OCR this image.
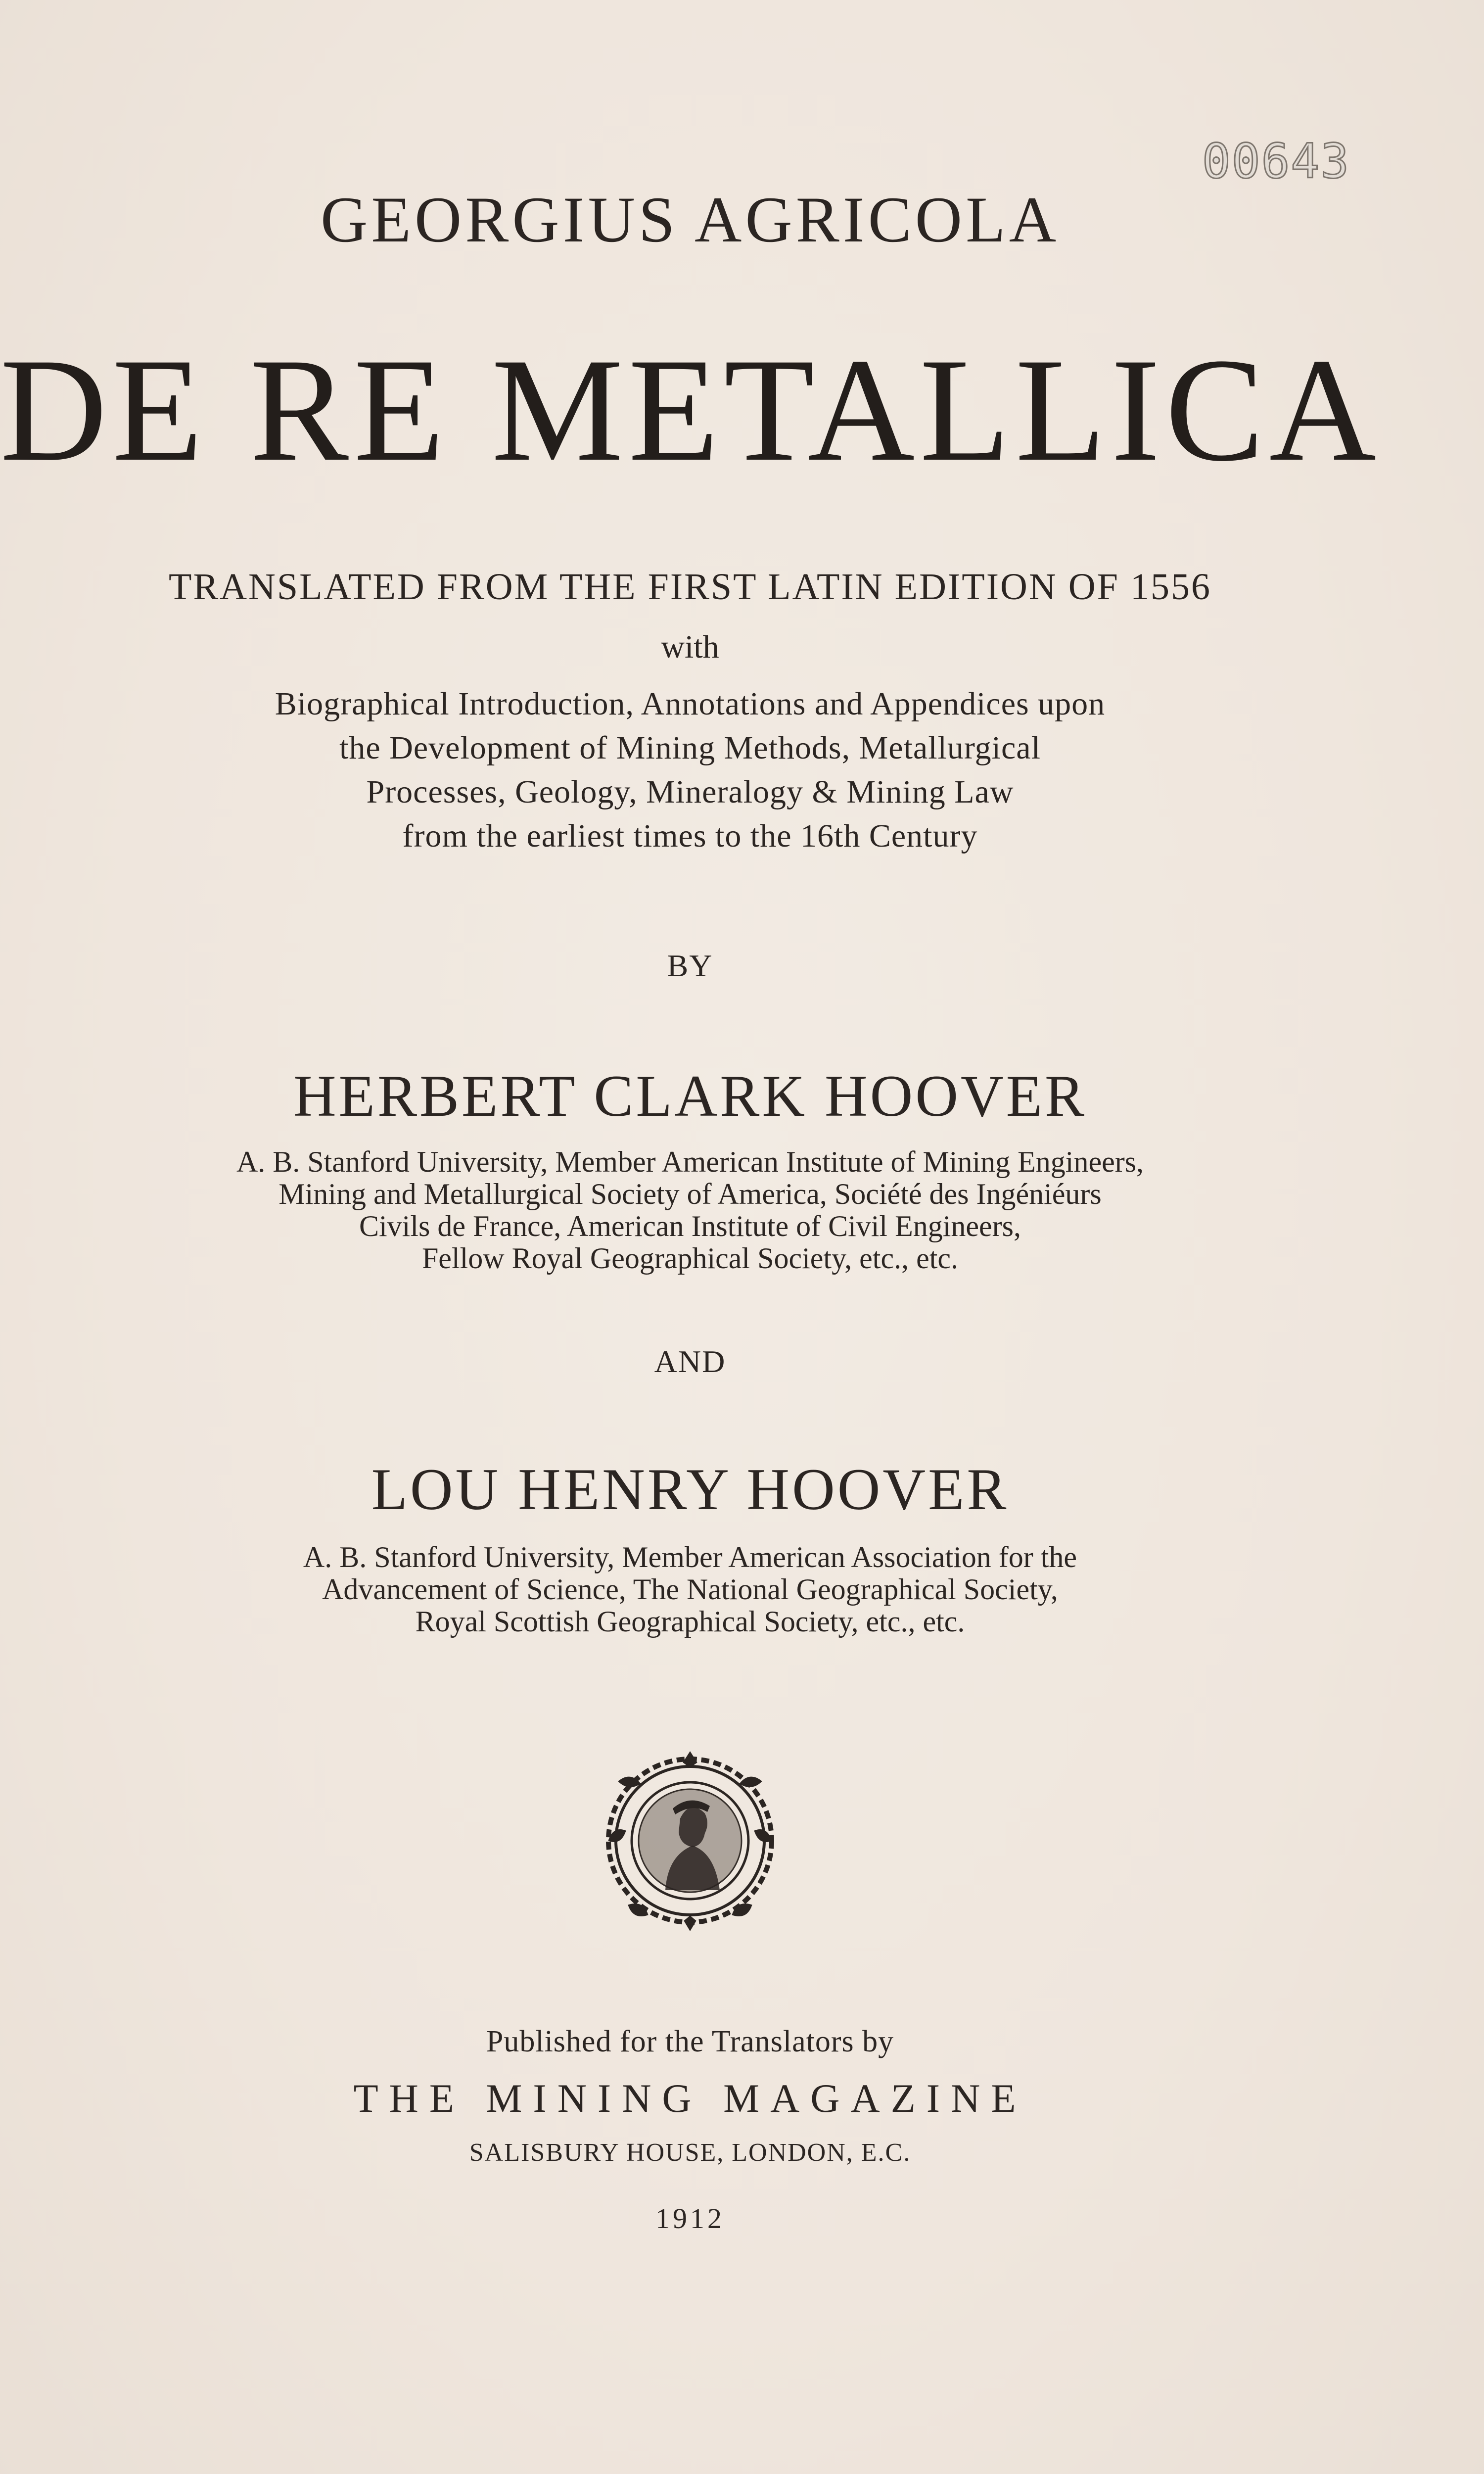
00643
GEORGIUS AGRICOLA
DE RE METALLICA
TRANSLATED FROM THE FIRST LATIN EDITION OF 1556
with
Biographical Introduction, Annotations and Appendices upon
the Development of Mining Methods, Metallurgical
Processes, Geology, Mineralogy & Mining Law
from the earliest times to the 16th Century
BY
HERBERT CLARK HOOVER
A. B. Stanford University, Member American Institute of Mining Engineers,
Mining and Metallurgical Society of America, Société des Ingéniéurs
Civils de France, American Institute of Civil Engineers,
Fellow Royal Geographical Society, etc., etc.
AND
LOU HENRY HOOVER
A. B. Stanford University, Member American Association for the
Advancement of Science, The National Geographical Society,
Royal Scottish Geographical Society, etc., etc.
Published for the Translators by
THE MINING MAGAZINE
SALISBURY HOUSE, LONDON, E.C.
1912
